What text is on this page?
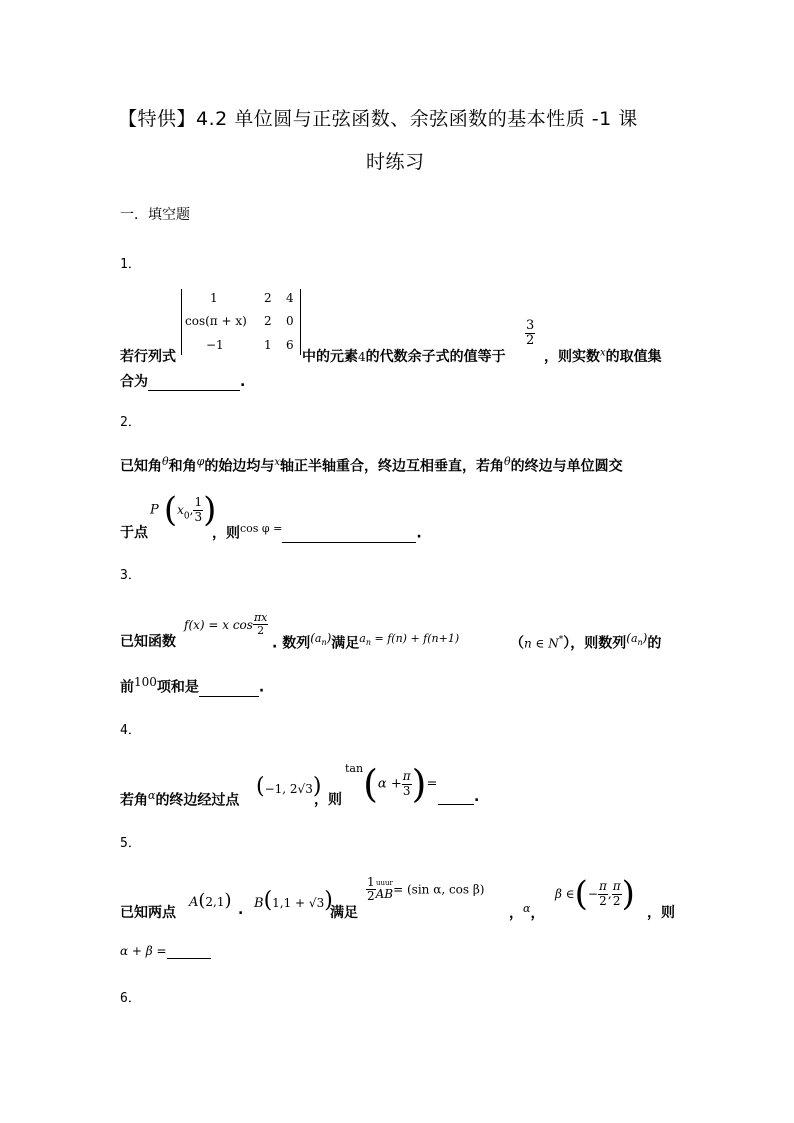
【特供】4.2 单位圆与正弦函数、余弦函数的基本性质 -1 课
时练习
一．填空题
1．
1	2 4
cos(π + x) 2 0
−1	1 6
若行列式	中的元素4的代数余子式的值等于
$\frac{3}{2}$
，则实数$^x$的取值集
合为	.
2．
已知角$^\theta$和角$^\varphi$的始边均与$^x$轴正半轴重合，终边互相垂直，若角$^\theta$的终边与单位圆交
于点
P ($x_0$, $\frac{1}{3}$ )
，则$^{cos \varphi =}$	.
3．
已知函数
f(x) = x $\cos \frac{\pi x}{2}$
. 数列$^{(a_n)}$满足$^{a_n = f(n) + f(n+1)}$	（n ∈ N*），则数列$^{(a_n)}$的
前$^{100}$项和是	.
4．
若角$^\alpha$的终边经过点
(−1, 2√3)
，则
$^{tan}(\alpha + \frac{\pi}{3}$ )=
.
5．
已知两点
A(2,1) . B(1,1 + √3)
满足
$\frac{1}{2}$ uuur
AB = (sin α, cos β)
，$^\alpha$，
β ∈(− $\frac{\pi}{2}$ , $\frac{\pi}{2}$ ) ，则
α + β =
6．
